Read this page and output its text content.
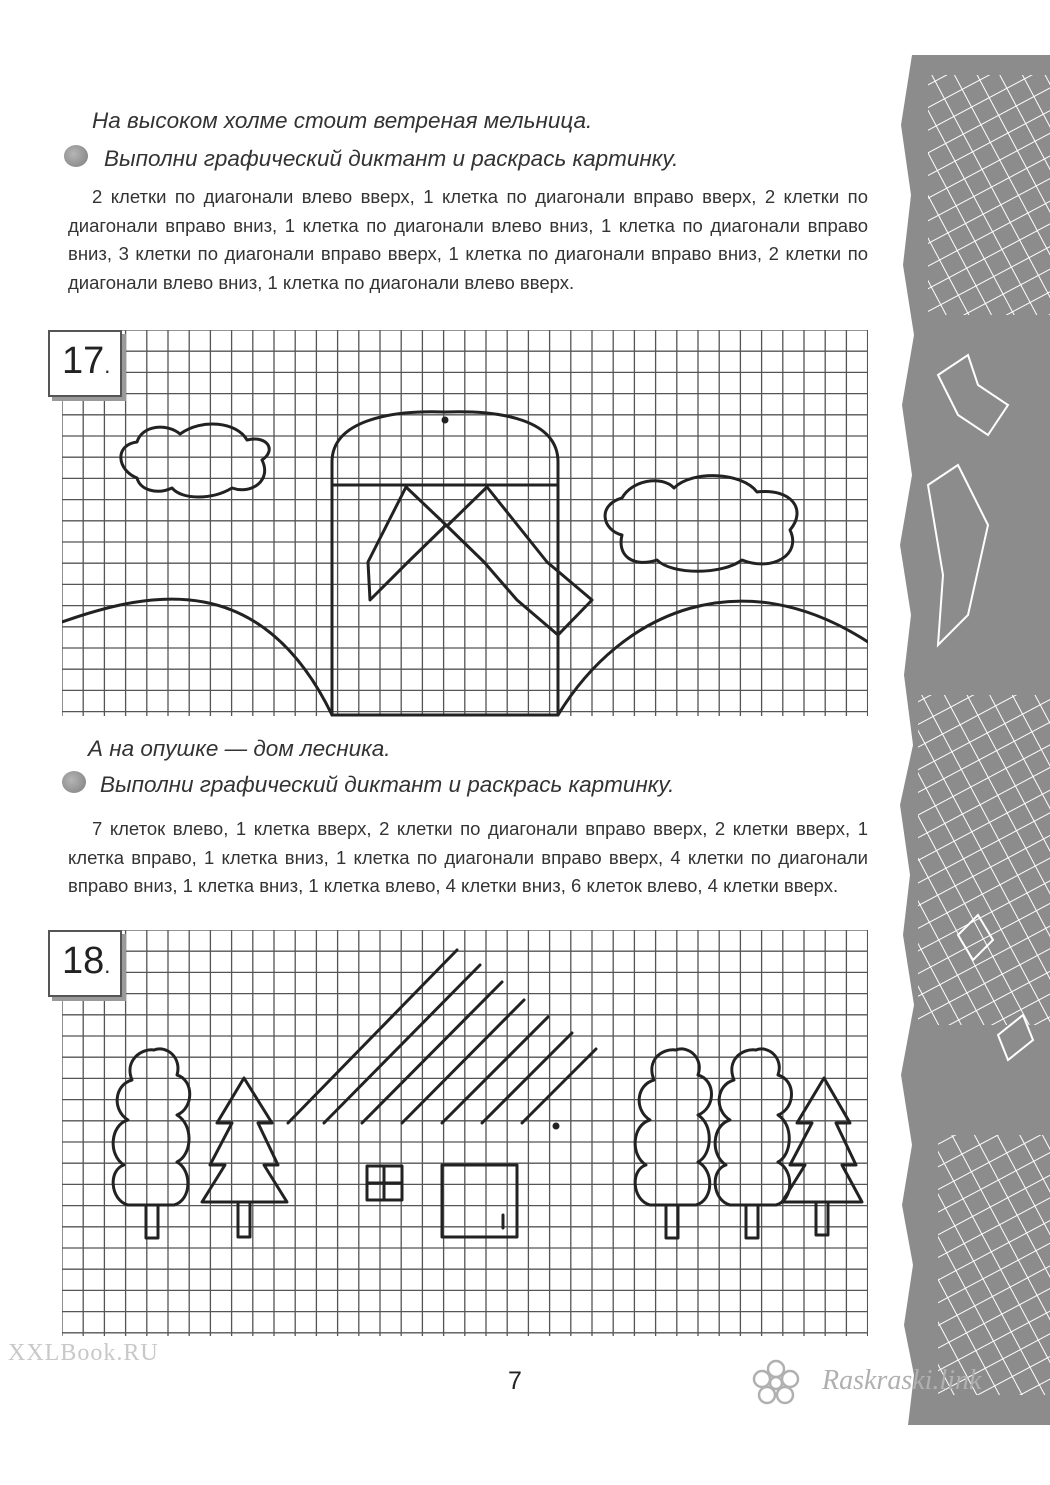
На высоком холме стоит ветреная мельница.
Выполни графический диктант и раскрась картинку.

2 клетки по диагонали влево вверх, 1 клетка по диагонали вправо вверх, 2 клетки по диагонали вправо вниз, 1 клетка по диагонали влево вниз, 1 клетка по диагонали вправо вниз, 3 клетки по диагонали вправо вверх, 1 клетка по диагонали вправо вниз, 2 клетки по диагонали влево вниз, 1 клетка по диагонали влево вверх.

17.
А на опушке — дом лесника.
Выполни графический диктант и раскрась картинку.

7 клеток влево, 1 клетка вверх, 2 клетки по диагонали вправо вверх, 2 клетки вверх, 1 клетка вправо, 1 клетка вниз, 1 клетка по диагонали вправо вверх, 4 клетки по диагонали вправо вниз, 1 клетка вниз, 1 клетка влево, 4 клетки вниз, 6 клеток влево, 4 клетки вверх.

18.
XXLBook.RU
7	Raskraski.link
